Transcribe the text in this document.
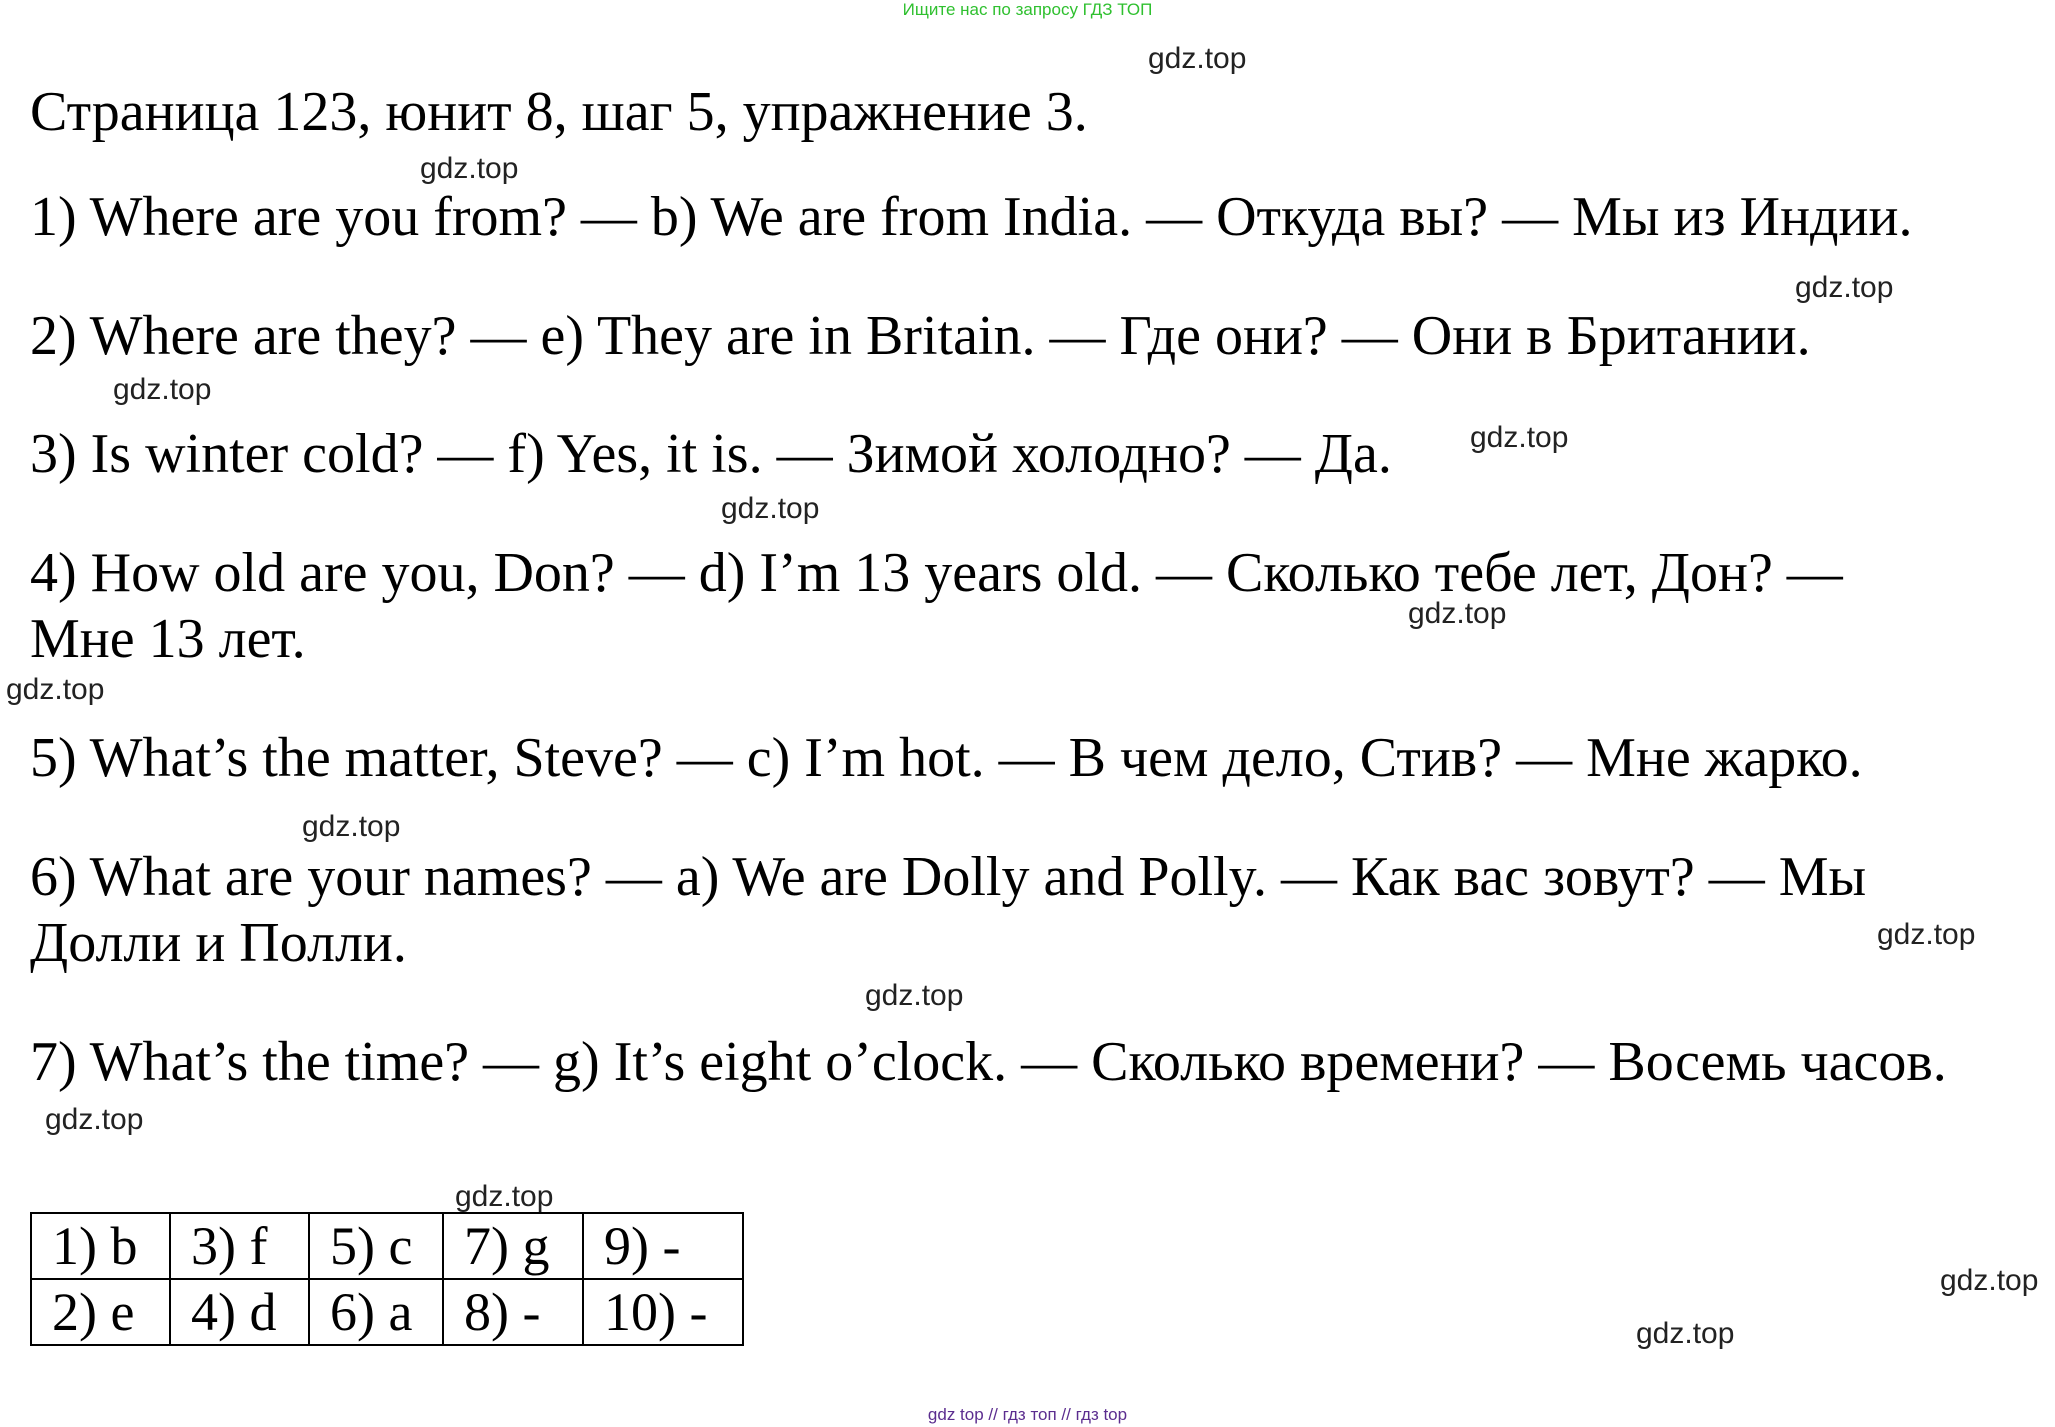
Ищите нас по запросу ГДЗ ТОП
gdz.top
gdz.top
gdz.top
gdz.top
gdz.top
gdz.top
gdz.top
gdz.top
gdz.top
gdz.top
gdz.top
gdz.top
gdz.top
gdz.top
gdz.top
Страница 123, юнит 8, шаг 5, упражнение 3.
1) Where are you from? — b) We are from India. — Откуда вы? — Мы из Индии.
2) Where are they? — e) They are in Britain. — Где они? — Они в Британии.
3) Is winter cold? — f) Yes, it is. — Зимой холодно? — Да.
4) How old are you, Don? — d) I’m 13 years old. — Сколько тебе лет, Дон? —
Мне 13 лет.
5) What’s the matter, Steve? — c) I’m hot. — В чем дело, Стив? — Мне жарко.
6) What are your names? — a) We are Dolly and Polly. — Как вас зовут? — Мы
Долли и Полли.
7) What’s the time? — g) It’s eight o’clock. — Сколько времени? — Восемь часов.
1) b	3) f	5) c	7) g	9) -
2) e	4) d	6) a	8) -	10) -
gdz top // гдз топ // гдз top
